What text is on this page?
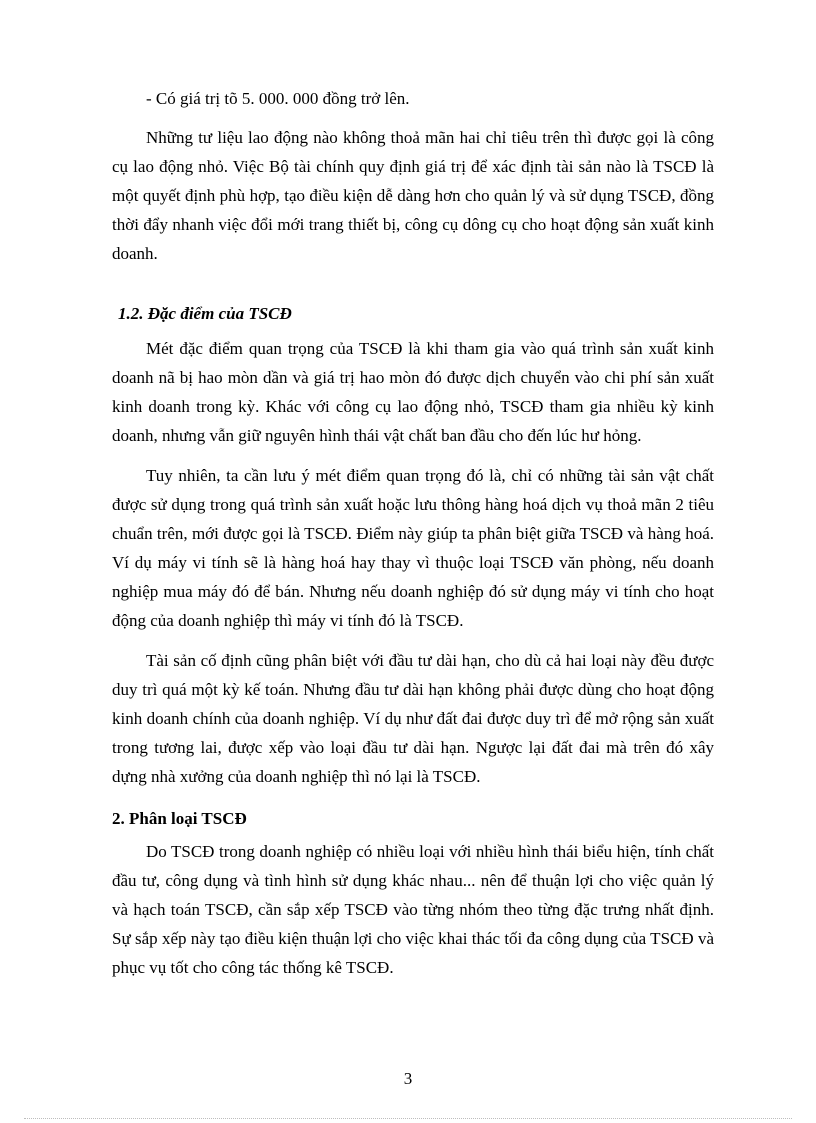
- Có giá trị tõ 5. 000. 000 đồng trở lên.

Những tư liệu lao động nào không thoả mãn hai chỉ tiêu trên thì được gọi là công cụ lao động nhỏ. Việc Bộ tài chính quy định giá trị để xác định tài sản nào là TSCĐ là một quyết định phù hợp, tạo điều kiện dễ dàng hơn cho quản lý và sử dụng TSCĐ, đồng thời đẩy nhanh việc đổi mới trang thiết bị, công cụ dông cụ cho hoạt động sản xuất kinh doanh.

1.2. Đặc điểm của TSCĐ

Mét đặc điểm quan trọng của TSCĐ là khi tham gia vào quá trình sản xuất kinh doanh nã bị hao mòn dần và giá trị hao mòn đó được dịch chuyển vào chi phí sản xuất kinh doanh trong kỳ. Khác với công cụ lao động nhỏ, TSCĐ tham gia nhiều kỳ kinh doanh, nhưng vẫn giữ nguyên hình thái vật chất ban đầu cho đến lúc hư hỏng.

Tuy nhiên, ta cần lưu ý mét điểm quan trọng đó là, chỉ có những tài sản vật chất được sử dụng trong quá trình sản xuất hoặc lưu thông hàng hoá dịch vụ thoả mãn 2 tiêu chuẩn trên, mới được gọi là TSCĐ. Điểm này giúp ta phân biệt giữa TSCĐ và hàng hoá. Ví dụ máy vi tính sẽ là hàng hoá hay thay vì thuộc loại TSCĐ văn phòng, nếu doanh nghiệp mua máy đó để bán. Nhưng nếu doanh nghiệp đó sử dụng máy vi tính cho hoạt động của doanh nghiệp thì máy vi tính đó là TSCĐ.

Tài sản cố định cũng phân biệt với đầu tư dài hạn, cho dù cả hai loại này đều được duy trì quá một kỳ kế toán. Nhưng đầu tư dài hạn không phải được dùng cho hoạt động kinh doanh chính của doanh nghiệp. Ví dụ như đất đai được duy trì để mở rộng sản xuất trong tương lai, được xếp vào loại đầu tư dài hạn. Ngược lại đất đai mà trên đó xây dựng nhà xưởng của doanh nghiệp thì nó lại là TSCĐ.

2. Phân loại TSCĐ

Do TSCĐ trong doanh nghiệp có nhiều loại với nhiều hình thái biểu hiện, tính chất đầu tư, công dụng và tình hình sử dụng khác nhau... nên để thuận lợi cho việc quản lý và hạch toán TSCĐ, cần sắp xếp TSCĐ vào từng nhóm theo từng đặc trưng nhất định. Sự sắp xếp này tạo điều kiện thuận lợi cho việc khai thác tối đa công dụng của TSCĐ và phục vụ tốt cho công tác thống kê TSCĐ.

3
